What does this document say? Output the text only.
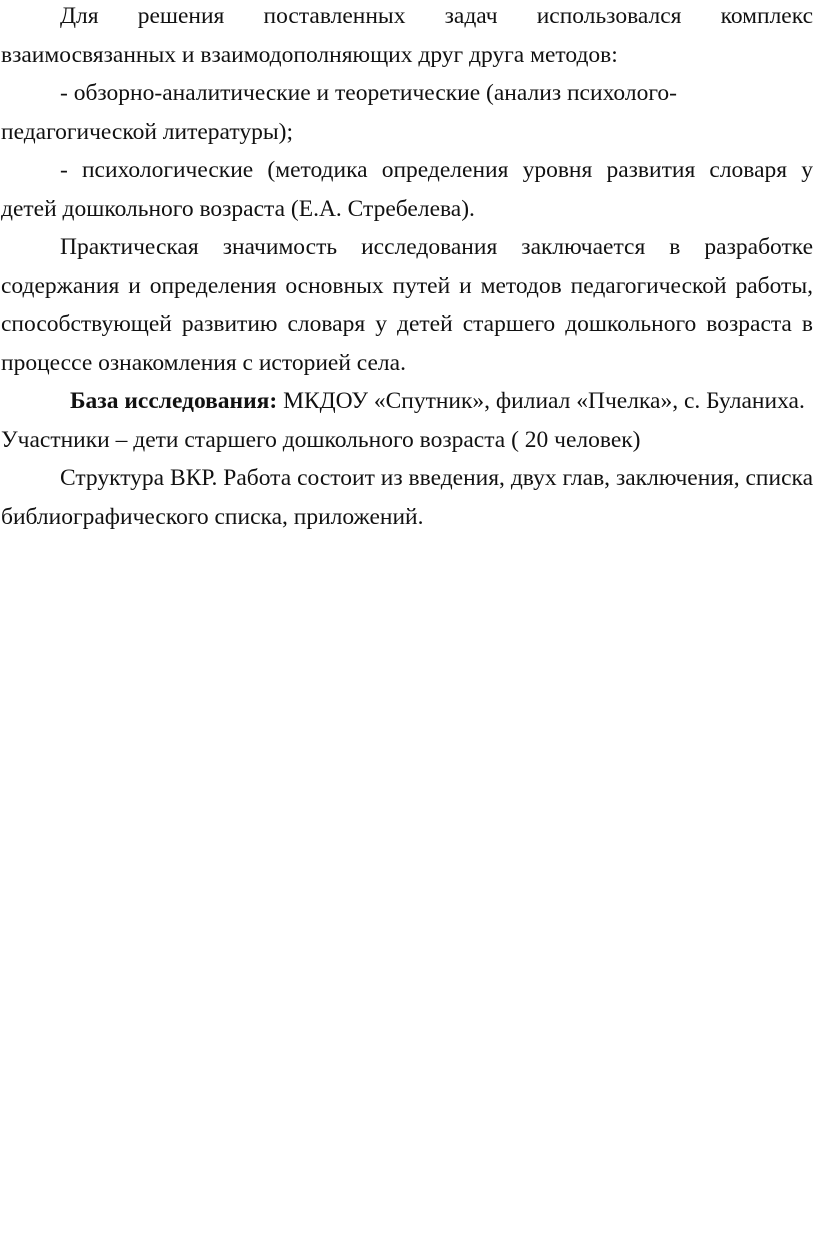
Для решения поставленных задач использовался комплекс взаимосвязанных и взаимодополняющих друг друга методов:

- обзорно-аналитические и теоретические (анализ психолого-педагогической литературы);

- психологические (методика определения уровня развития словаря у детей дошкольного возраста (Е.А. Стребелева).

Практическая значимость исследования заключается в разработке содержания и определения основных путей и методов педагогической работы, способствующей развитию словаря у детей старшего дошкольного возраста в процессе ознакомления с историей села.

База исследования: МКДОУ «Спутник», филиал «Пчелка», с. Буланиха.

Участники – дети старшего дошкольного возраста ( 20 человек)

Структура ВКР. Работа состоит из введения, двух глав, заключения, списка библиографического списка, приложений.
